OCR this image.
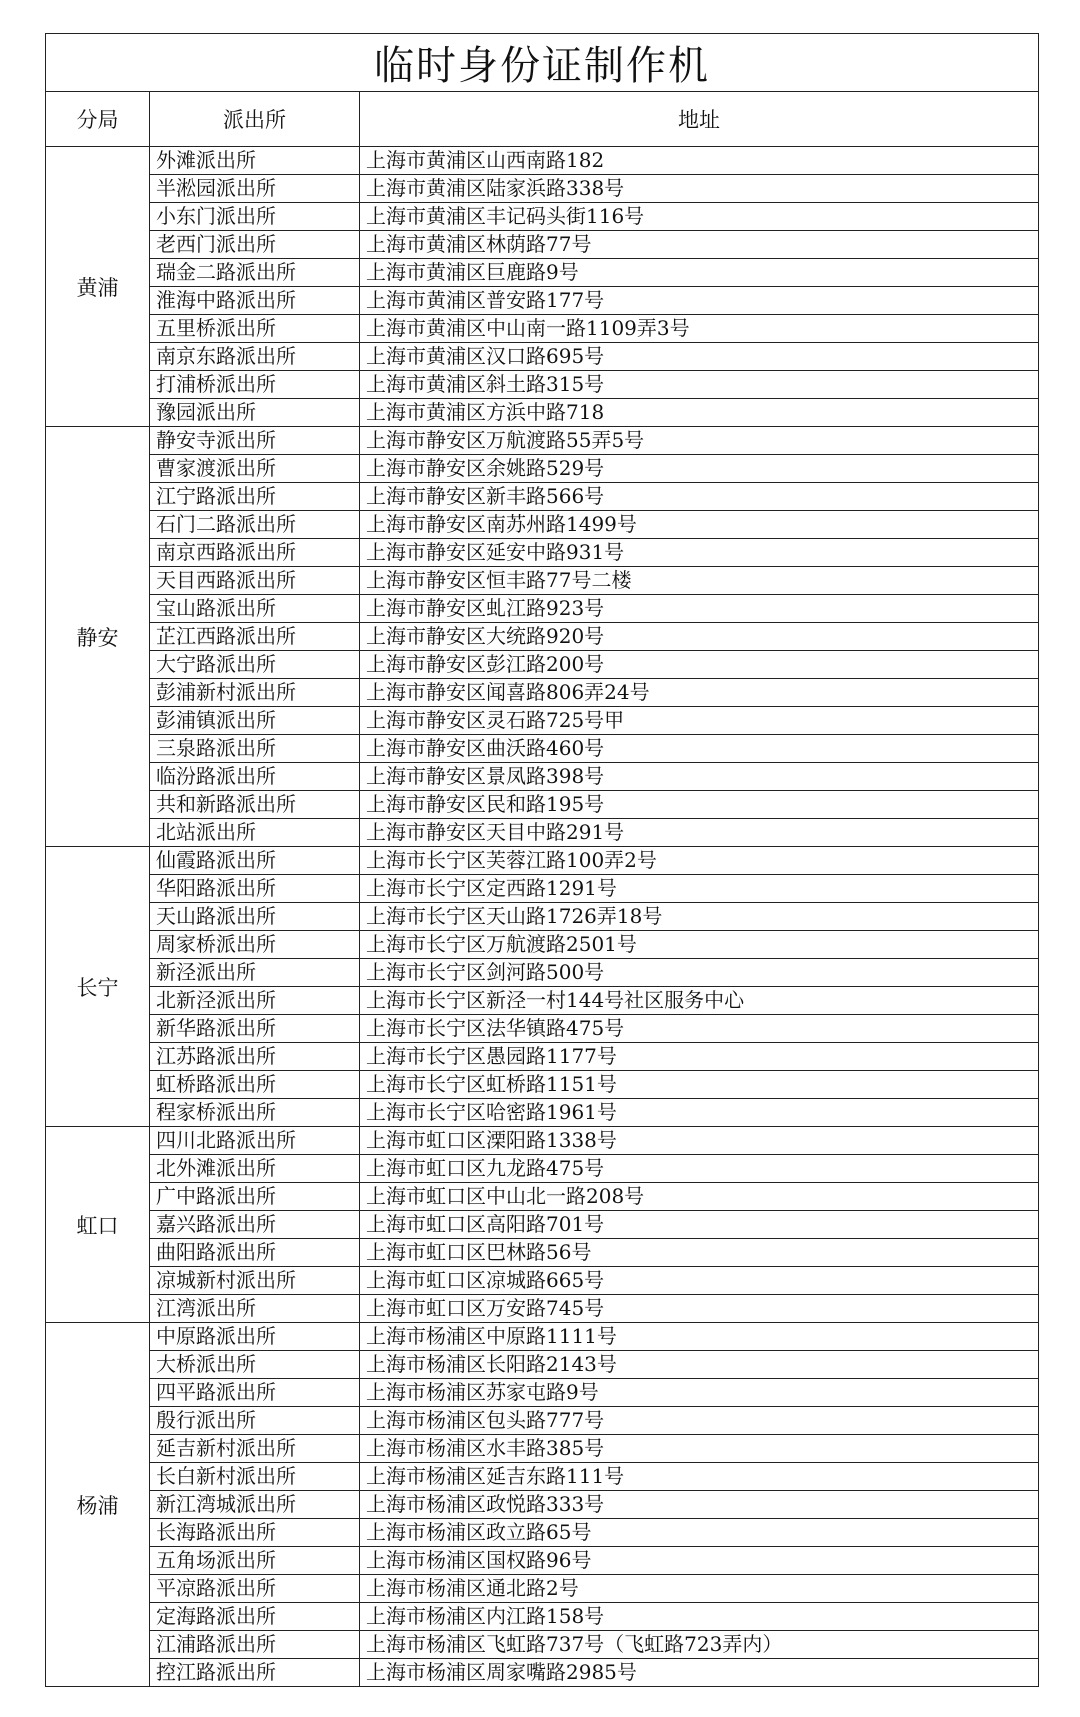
临时身份证制作机		
分局	派出所	地址
黄浦	外滩派出所	上海市黄浦区山西南路182
	半淞园派出所	上海市黄浦区陆家浜路338号
	小东门派出所	上海市黄浦区丰记码头街116号
	老西门派出所	上海市黄浦区林荫路77号
	瑞金二路派出所	上海市黄浦区巨鹿路9号
	淮海中路派出所	上海市黄浦区普安路177号
	五里桥派出所	上海市黄浦区中山南一路1109弄3号
	南京东路派出所	上海市黄浦区汉口路695号
	打浦桥派出所	上海市黄浦区斜土路315号
	豫园派出所	上海市黄浦区方浜中路718
静安	静安寺派出所	上海市静安区万航渡路55弄5号
	曹家渡派出所	上海市静安区余姚路529号
	江宁路派出所	上海市静安区新丰路566号
	石门二路派出所	上海市静安区南苏州路1499号
	南京西路派出所	上海市静安区延安中路931号
	天目西路派出所	上海市静安区恒丰路77号二楼
	宝山路派出所	上海市静安区虬江路923号
	芷江西路派出所	上海市静安区大统路920号
	大宁路派出所	上海市静安区彭江路200号
	彭浦新村派出所	上海市静安区闻喜路806弄24号
	彭浦镇派出所	上海市静安区灵石路725号甲
	三泉路派出所	上海市静安区曲沃路460号
	临汾路派出所	上海市静安区景凤路398号
	共和新路派出所	上海市静安区民和路195号
	北站派出所	上海市静安区天目中路291号
长宁	仙霞路派出所	上海市长宁区芙蓉江路100弄2号
	华阳路派出所	上海市长宁区定西路1291号
	天山路派出所	上海市长宁区天山路1726弄18号
	周家桥派出所	上海市长宁区万航渡路2501号
	新泾派出所	上海市长宁区剑河路500号
	北新泾派出所	上海市长宁区新泾一村144号社区服务中心
	新华路派出所	上海市长宁区法华镇路475号
	江苏路派出所	上海市长宁区愚园路1177号
	虹桥路派出所	上海市长宁区虹桥路1151号
	程家桥派出所	上海市长宁区哈密路1961号
虹口	四川北路派出所	上海市虹口区溧阳路1338号
	北外滩派出所	上海市虹口区九龙路475号
	广中路派出所	上海市虹口区中山北一路208号
	嘉兴路派出所	上海市虹口区高阳路701号
	曲阳路派出所	上海市虹口区巴林路56号
	凉城新村派出所	上海市虹口区凉城路665号
	江湾派出所	上海市虹口区万安路745号
杨浦	中原路派出所	上海市杨浦区中原路1111号
	大桥派出所	上海市杨浦区长阳路2143号
	四平路派出所	上海市杨浦区苏家屯路9号
	殷行派出所	上海市杨浦区包头路777号
	延吉新村派出所	上海市杨浦区水丰路385号
	长白新村派出所	上海市杨浦区延吉东路111号
	新江湾城派出所	上海市杨浦区政悦路333号
	长海路派出所	上海市杨浦区政立路65号
	五角场派出所	上海市杨浦区国权路96号
	平凉路派出所	上海市杨浦区通北路2号
	定海路派出所	上海市杨浦区内江路158号
	江浦路派出所	上海市杨浦区飞虹路737号（飞虹路723弄内）
	控江路派出所	上海市杨浦区周家嘴路2985号
